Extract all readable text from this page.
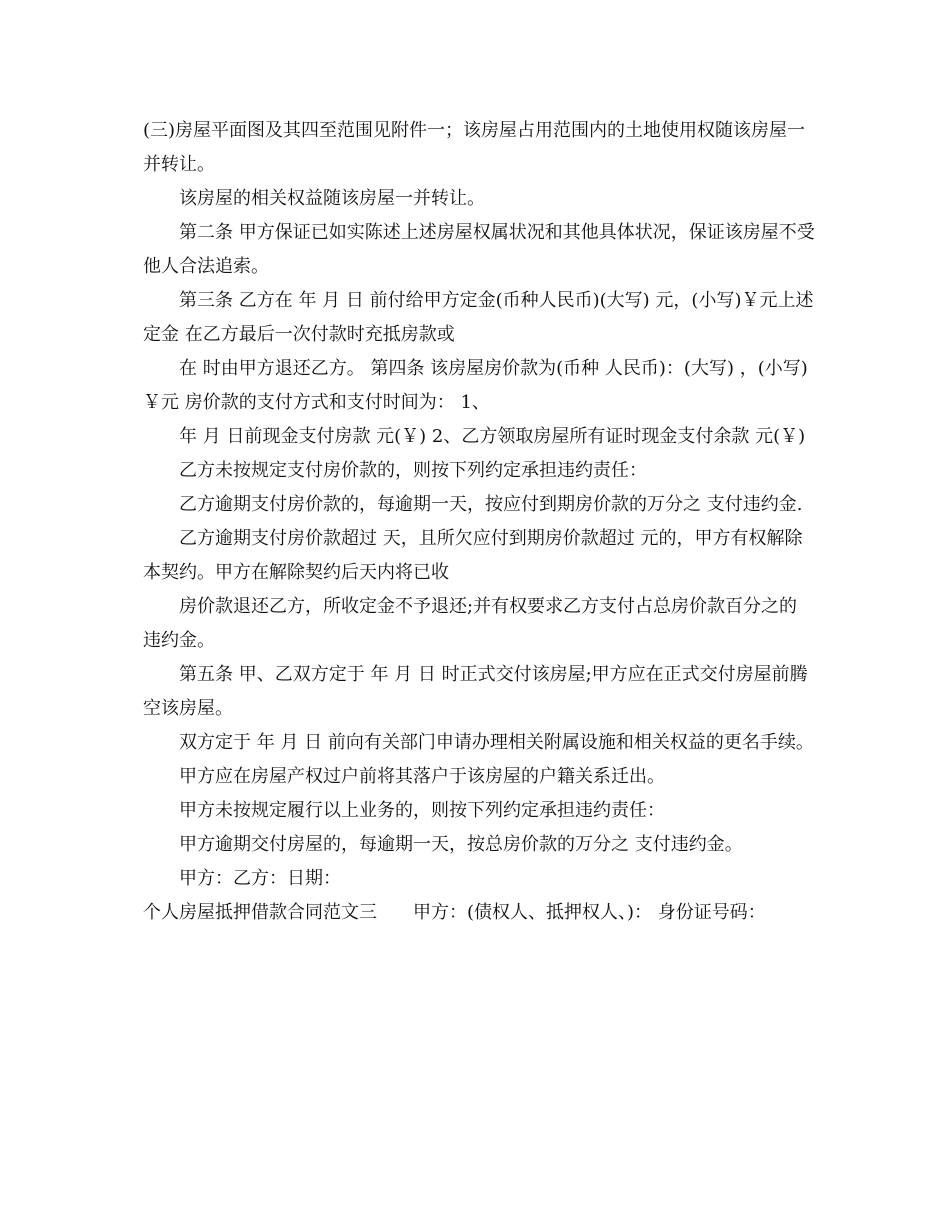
(三)房屋平面图及其四至范围见附件一；该房屋占用范围内的土地使用权随该房屋一并转让。

该房屋的相关权益随该房屋一并转让。

第二条 甲方保证已如实陈述上述房屋权属状况和其他具体状况，保证该房屋不受他人合法追索。

第三条 乙方在 年 月 日 前付给甲方定金(币种人民币)(大写) 元，(小写)￥元上述定金 在乙方最后一次付款时充抵房款或

在 时由甲方退还乙方。 第四条 该房屋房价款为(币种 人民币)：(大写) ，(小写)￥元 房价款的支付方式和支付时间为： 1、

年 月 日前现金支付房款 元(￥) 2、乙方领取房屋所有证时现金支付余款 元(￥)

乙方未按规定支付房价款的，则按下列约定承担违约责任：

乙方逾期支付房价款的，每逾期一天，按应付到期房价款的万分之 支付违约金.

乙方逾期支付房价款超过 天，且所欠应付到期房价款超过 元的，甲方有权解除本契约。甲方在解除契约后天内将已收

房价款退还乙方，所收定金不予退还;并有权要求乙方支付占总房价款百分之的违约金。

第五条 甲、乙双方定于 年 月 日 时正式交付该房屋;甲方应在正式交付房屋前腾空该房屋。

双方定于 年 月 日 前向有关部门申请办理相关附属设施和相关权益的更名手续。

甲方应在房屋产权过户前将其落户于该房屋的户籍关系迁出。

甲方未按规定履行以上业务的，则按下列约定承担违约责任：

甲方逾期交付房屋的，每逾期一天，按总房价款的万分之 支付违约金。

甲方：乙方：日期：

个人房屋抵押借款合同范文三　　甲方：(债权人、抵押权人、)： 身份证号码：
